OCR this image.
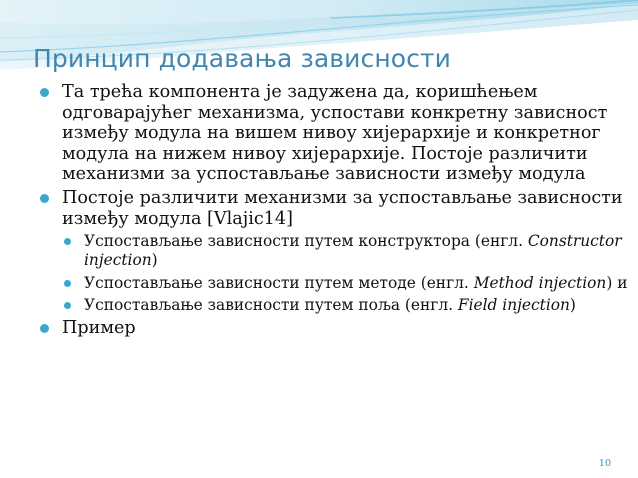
Принцип додавања зависности
Та трећа компонента је задужена да, коришћењем одговарајућег механизма, успостави конкретну зависност између модула на вишем нивоу хијерархије и конкретног модула на нижем нивоу хијерархије. Постоје различити механизми за успостављање зависности између модула
Постоје различити механизми за успостављање зависности између модула [Vlajic14]
Успостављање зависности путем конструктора (енгл. Constructor injection)
Успостављање зависности путем методе (енгл. Method injection) и
Успостављање зависности путем поља (енгл. Field injection)
Пример
10
